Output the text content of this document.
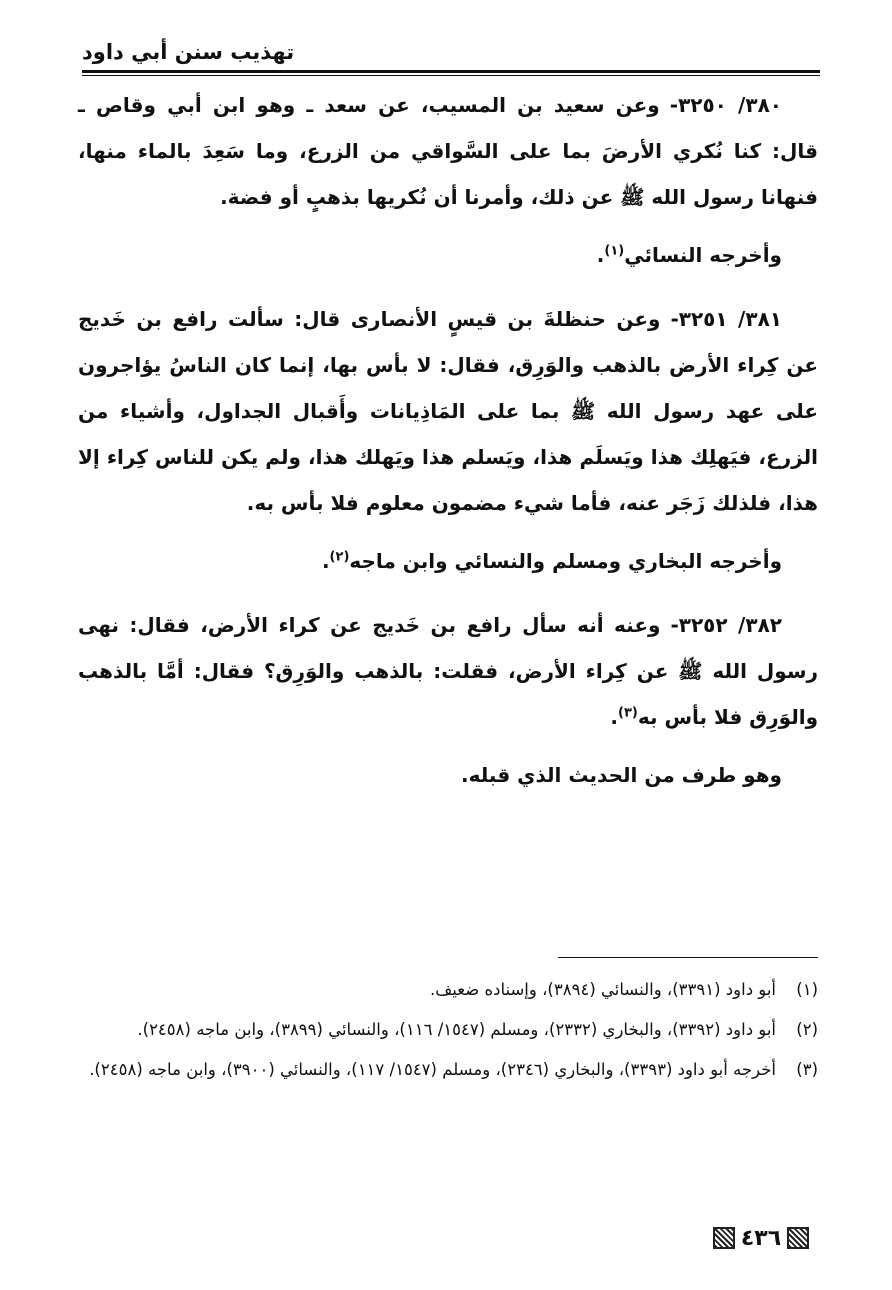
تهذيب سنن أبي داود

٣٨٠/ ٣٢٥٠-وعن سعيد بن المسيب، عن سعد ـ وهو ابن أبي وقاص ـ قال: كنا نُكري الأرضَ بما على السَّواقي من الزرع، وما سَعِدَ بالماء منها، فنهانا رسول الله ﷺ عن ذلك، وأمرنا أن نُكريها بذهبٍ أو فضة.

وأخرجه النسائي$^{(١)}$.

٣٨١/ ٣٢٥١-وعن حنظلةَ بن قيسٍ الأنصارى قال: سألت رافع بن خَديج عن كِراء الأرض بالذهب والوَرِق، فقال: لا بأس بها، إنما كان الناسُ يؤاجرون على عهد رسول الله ﷺ بما على المَاذِيانات وأَقبال الجداول، وأشياء من الزرع، فيَهلِك هذا ويَسلَم هذا، ويَسلم هذا ويَهلك هذا، ولم يكن للناس كِراء إلا هذا، فلذلك زَجَر عنه، فأما شيء مضمون معلوم فلا بأس به.

وأخرجه البخاري ومسلم والنسائي وابن ماجه$^{(٢)}$.

٣٨٢/ ٣٢٥٢-وعنه أنه سأل رافع بن خَديج عن كراء الأرض، فقال: نهى رسول الله ﷺ عن كِراء الأرض، فقلت: بالذهب والوَرِق؟ فقال: أمَّا بالذهب والوَرِق فلا بأس به$^{(٣)}$.

وهو طرف من الحديث الذي قبله.

(١)
أبو داود (٣٣٩١)، والنسائي (٣٨٩٤)، وإسناده ضعيف.

(٢)
أبو داود (٣٣٩٢)، والبخاري (٢٣٣٢)، ومسلم (١٥٤٧/ ١١٦)، والنسائي (٣٨٩٩)، وابن ماجه (٢٤٥٨).

(٣)
أخرجه أبو داود (٣٣٩٣)، والبخاري (٢٣٤٦)، ومسلم (١٥٤٧/ ١١٧)، والنسائي (٣٩٠٠)، وابن ماجه (٢٤٥٨).

٤٣٦
